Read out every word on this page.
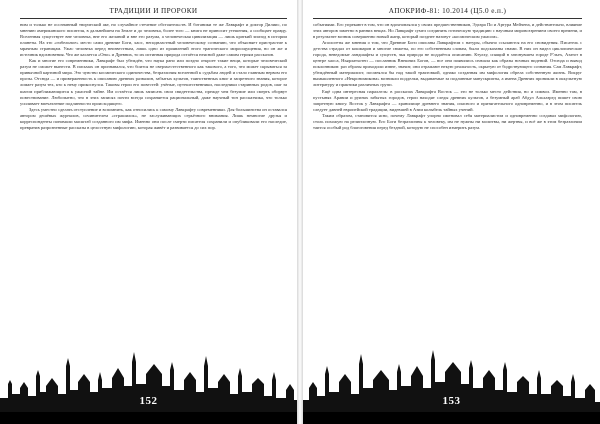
ТРАДИЦИИ И ПРОРОКИ

ним и только не осознанный творческий акт, но случайное стечение обстоятельств. И ботаники те же Лавкрафт и доктор Дилиис, по мнению американского писателя, в дальнейшем на Земле и до человека, более того — книга не приносит утешения, а сообщает правду. Вселенная существует вне человека, вне его желаний и вне его разума, а человеческая цивилизация — лишь краткий эпизод в истории планеты. На это «гибельное» место сами древние Боги, хаос, неподвластный человеческому сознанию, что объясняет пристрастие к мрачным страницам. Ужас человека перед неизвестным, лишь одно из проявлений этого трагического мироощущения, но он же и источник вдохновения. Что же касается «Оно» и Древних, то их истинная природа остаётся неясной даже самим героям рассказов.

Как и многие его современники, Лавкрафт был убеждён, что наука рано или поздно откроет такие вещи, которые человеческий разум не сможет вынести. В письмах он признавался, что боится не сверхъестественного как такового, а того, что может скрываться за привычной картиной мира. Это чувство космического одиночества, безразличия вселенной к судьбам людей и стало главным нервом его прозы. Отсюда — и приверженность к описанию древних развалин, забытых культов, таинственных книг и запретного знания, которое ломает разум тех, кто к нему прикоснулся. Таковы герои его повестей: учёные, путешественники, наследники старинных родов, шаг за шагом приближающиеся к ужасной тайне. Им остаётся лишь записать свои свидетельства, прежде чем безумие или смерть оборвут повествование. Любопытно, что в этих записях почти всегда сохраняется рациональный, даже научный тон рассказчика, что только усиливает впечатление подлинности происходящего.

Здесь уместно сделать отступление и вспомнить, как относились к самому Лавкрафту современники. Для большинства он оставался автором дешёвых журналов, сочинителем «страшилок», не заслуживающих серьёзного внимания. Лишь немногие друзья и корреспонденты понимали масштаб созданного им мифа. Именно они после смерти писателя сохранили и опубликовали его наследие, превратив разрозненные рассказы в целостную мифологию, которая живёт и развивается до сих пор.

152
АПОКРИФ-81: 10.2014 (Ц5.0 е.п.)

событиями. Его упрекают в том, что он вдохновлялся у своих предшественников, Эдгара По и Артура Мейчена, и действительно, влияние этих авторов заметно в ранних вещах. Но Лавкрафт сумел соединить готическую традицию с научным мировоззрением своего времени, и в результате возник совершенно новый жанр, который позднее назовут «космическим ужасом».

Апологеты же мнения о том, что Древние Боги описаны Лавкрафтом с натуры, обычно ссылаются на его сновидения. Писатель с детства страдал от кошмаров и многие сюжеты, по его собственным словам, были подсказаны снами. В них он видел циклопические города, неведомые ландшафты и существ, чья природа не поддаётся описанию. Ктулху, спящий в затонувшем городе Р'льех, Азатот в центре хаоса, Ньярлатхотеп — посланник Внешних Богов, — все они появились сначала как образы ночных видений. Отсюда и вывод поклонников: раз образы приходили извне, значит, они отражают некую реальность, скрытую от бодрствующего сознания. Сам Лавкрафт, убеждённый материалист, посмеялся бы над такой трактовкой, однако созданная им мифология обрела собственную жизнь. Вокруг вымышленного «Некрономикона» возникли подделки, выдаваемые за подлинные манускрипты, а имена Древних проникли в оккультную литературу и практики различных групп.

Ещё одна интересная параллель: в рассказах Лавкрафта Восток — это не только место действия, но и символ. Именно там, в пустынях Аравии и руинах забытых городов, герои находят следы древних культов, а безумный араб Абдул Альхазред пишет свою запретную книгу. Восток у Лавкрафта — хранилище древнего знания, опасного и притягательного одновременно, и в этом писатель следует давней европейской традиции, видевшей в Азии колыбель тайных учений.

Таким образом, становится ясно, почему Лавкрафт упорно именовал себя материалистом и одновременно создавал мифологию, столь похожую на религиозную. Его Боги безразличны к человеку, им не нужны ни молитвы, ни жертвы, и всё же в этом безразличии таится особый род благоговения перед бездной, которую не способен измерить разум.

153
